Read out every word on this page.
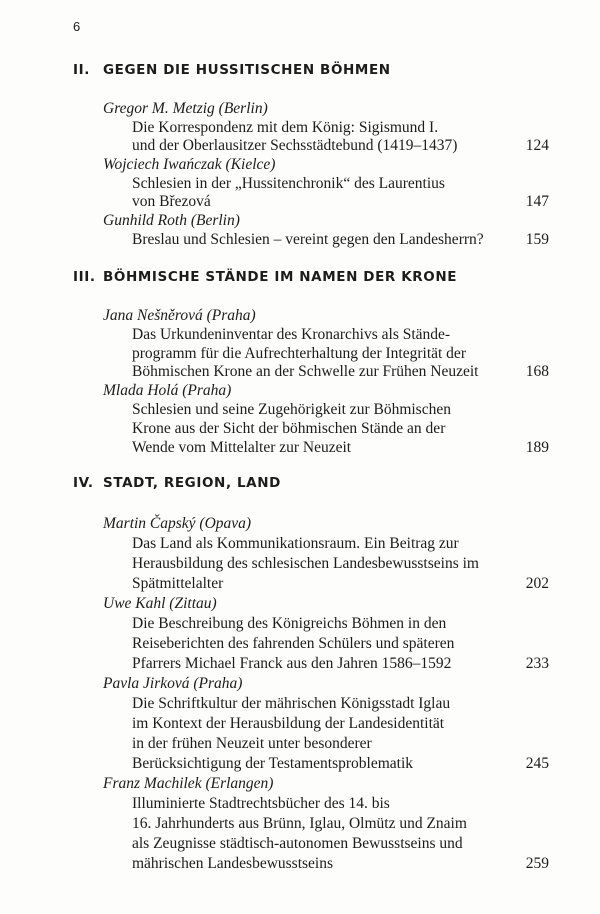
6
II. GEGEN DIE HUSSITISCHEN BÖHMEN
Gregor M. Metzig (Berlin)
Die Korrespondenz mit dem König: Sigismund I.
und der Oberlausitzer Sechsstädtebund (1419–1437)	124
Wojciech Iwańczak (Kielce)
Schlesien in der „Hussitenchronik“ des Laurentius
von Březová	147
Gunhild Roth (Berlin)
Breslau und Schlesien – vereint gegen den Landesherrn?	159
III. BÖHMISCHE STÄNDE IM NAMEN DER KRONE
Jana Nešněrová (Praha)
Das Urkundeninventar des Kronarchivs als Stände-
programm für die Aufrechterhaltung der Integrität der
Böhmischen Krone an der Schwelle zur Frühen Neuzeit	168
Mlada Holá (Praha)
Schlesien und seine Zugehörigkeit zur Böhmischen
Krone aus der Sicht der böhmischen Stände an der
Wende vom Mittelalter zur Neuzeit	189
IV. STADT, REGION, LAND
Martin Čapský (Opava)
Das Land als Kommunikationsraum. Ein Beitrag zur
Herausbildung des schlesischen Landesbewusstseins im
Spätmittelalter	202
Uwe Kahl (Zittau)
Die Beschreibung des Königreichs Böhmen in den
Reiseberichten des fahrenden Schülers und späteren
Pfarrers Michael Franck aus den Jahren 1586–1592	233
Pavla Jirková (Praha)
Die Schriftkultur der mährischen Königsstadt Iglau
im Kontext der Herausbildung der Landesidentität
in der frühen Neuzeit unter besonderer
Berücksichtigung der Testamentsproblematik	245
Franz Machilek (Erlangen)
Illuminierte Stadtrechtsbücher des 14. bis
16. Jahrhunderts aus Brünn, Iglau, Olmütz und Znaim
als Zeugnisse städtisch-autonomen Bewusstseins und
mährischen Landesbewusstseins	259
